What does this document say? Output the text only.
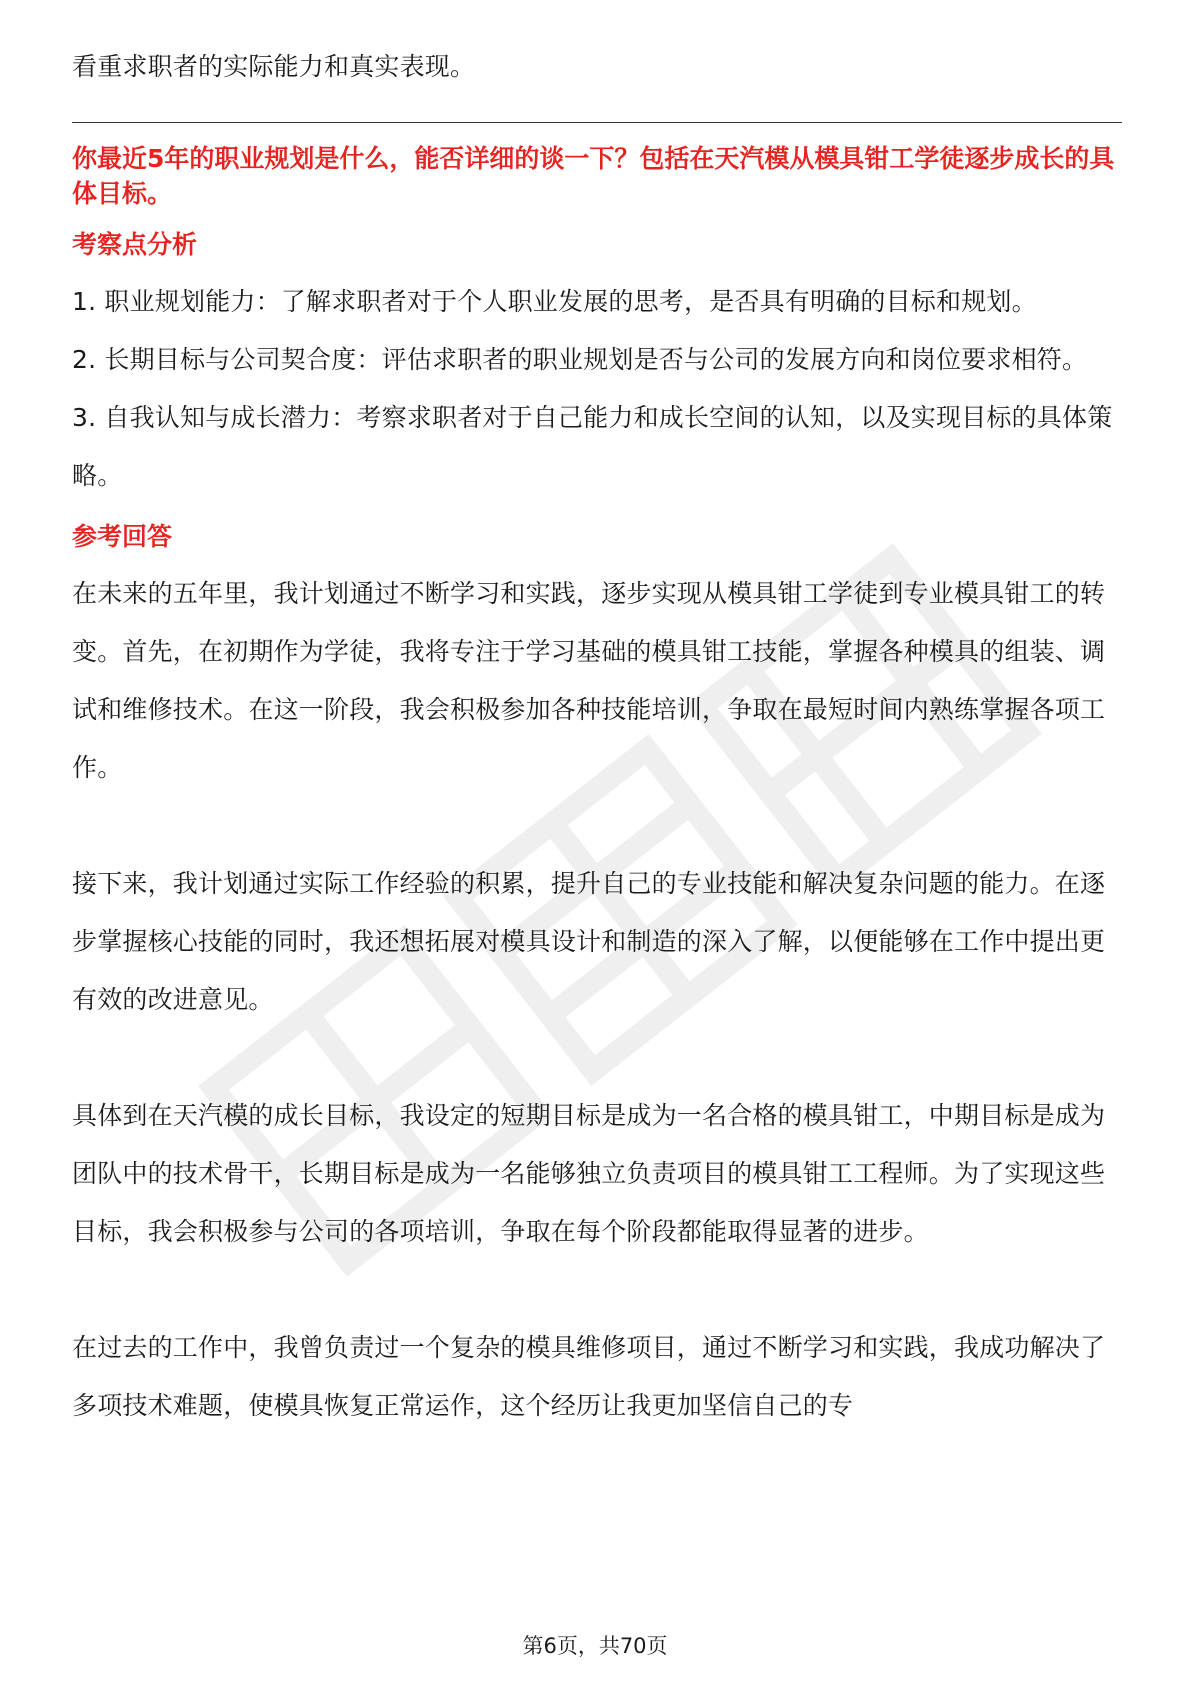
看重求职者的实际能力和真实表现。

你最近5年的职业规划是什么，能否详细的谈一下？包括在天汽模从模具钳工学徒逐步成长的具体目标。

考察点分析

1. 职业规划能力：了解求职者对于个人职业发展的思考，是否具有明确的目标和规划。

2. 长期目标与公司契合度：评估求职者的职业规划是否与公司的发展方向和岗位要求相符。

3. 自我认知与成长潜力：考察求职者对于自己能力和成长空间的认知，以及实现目标的具体策略。

参考回答

在未来的五年里，我计划通过不断学习和实践，逐步实现从模具钳工学徒到专业模具钳工的转变。首先，在初期作为学徒，我将专注于学习基础的模具钳工技能，掌握各种模具的组装、调试和维修技术。在这一阶段，我会积极参加各种技能培训，争取在最短时间内熟练掌握各项工作。

接下来，我计划通过实际工作经验的积累，提升自己的专业技能和解决复杂问题的能力。在逐步掌握核心技能的同时，我还想拓展对模具设计和制造的深入了解，以便能够在工作中提出更有效的改进意见。

具体到在天汽模的成长目标，我设定的短期目标是成为一名合格的模具钳工，中期目标是成为团队中的技术骨干，长期目标是成为一名能够独立负责项目的模具钳工工程师。为了实现这些目标，我会积极参与公司的各项培训，争取在每个阶段都能取得显著的进步。

在过去的工作中，我曾负责过一个复杂的模具维修项目，通过不断学习和实践，我成功解决了多项技术难题，使模具恢复正常运作，这个经历让我更加坚信自己的专

第6页，共70页
